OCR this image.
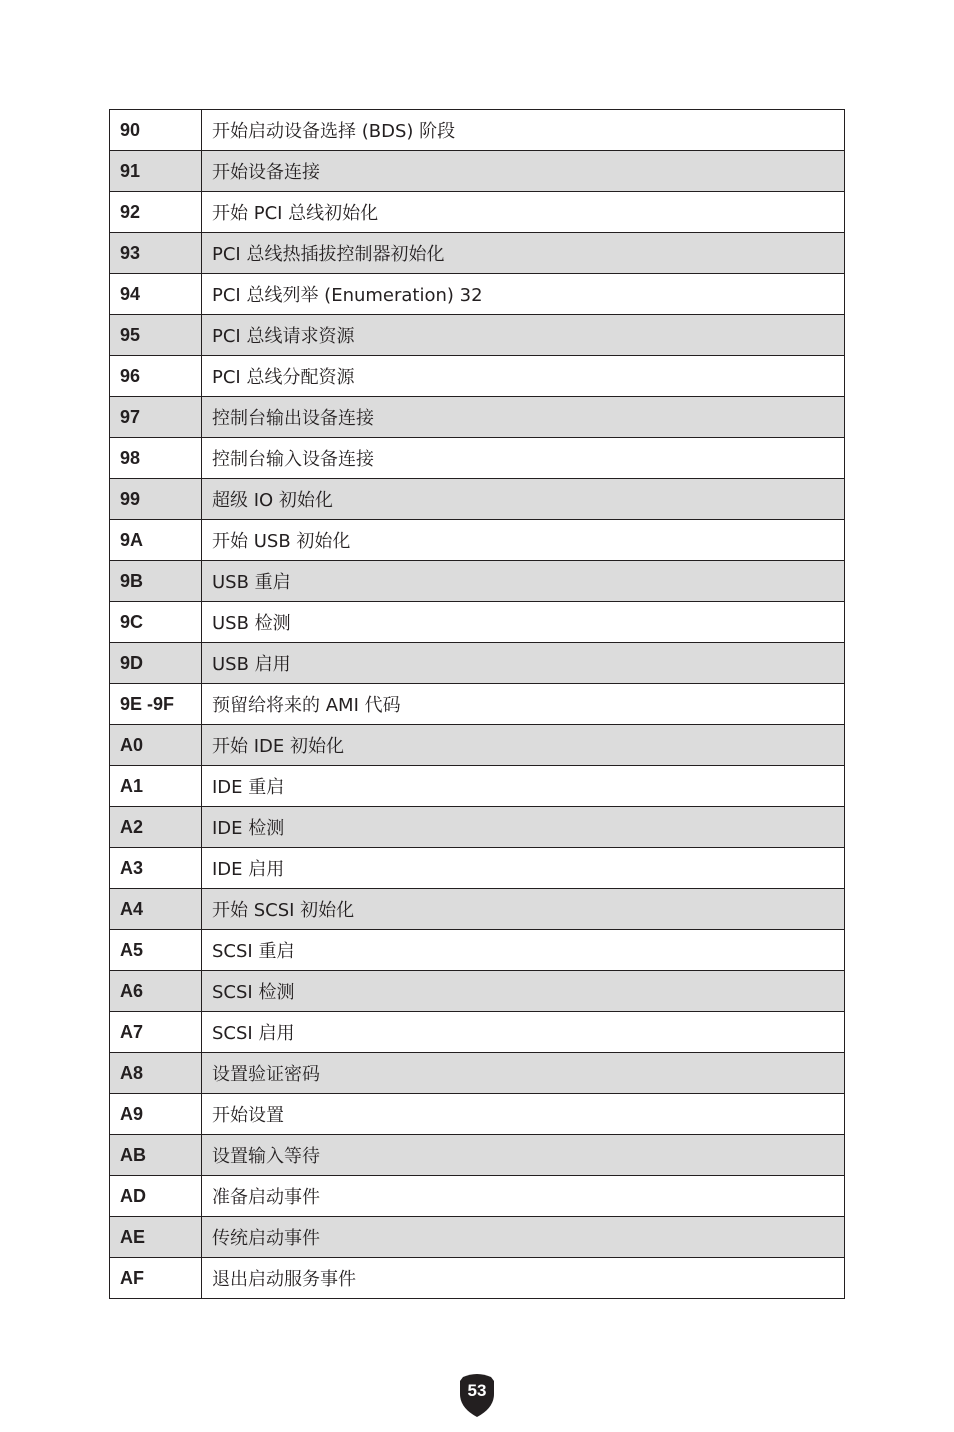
90	开始启动设备选择 (BDS) 阶段
91	开始设备连接
92	开始 PCI 总线初始化
93	PCI 总线热插拔控制器初始化
94	PCI 总线列举 (Enumeration) 32
95	PCI 总线请求资源
96	PCI 总线分配资源
97	控制台输出设备连接
98	控制台输入设备连接
99	超级 IO 初始化
9A	开始 USB 初始化
9B	USB 重启
9C	USB 检测
9D	USB 启用
9E -9F	预留给将来的 AMI 代码
A0	开始 IDE 初始化
A1	IDE 重启
A2	IDE 检测
A3	IDE 启用
A4	开始 SCSI 初始化
A5	SCSI 重启
A6	SCSI 检测
A7	SCSI 启用
A8	设置验证密码
A9	开始设置
AB	设置输入等待
AD	准备启动事件
AE	传统启动事件
AF	退出启动服务事件
53
